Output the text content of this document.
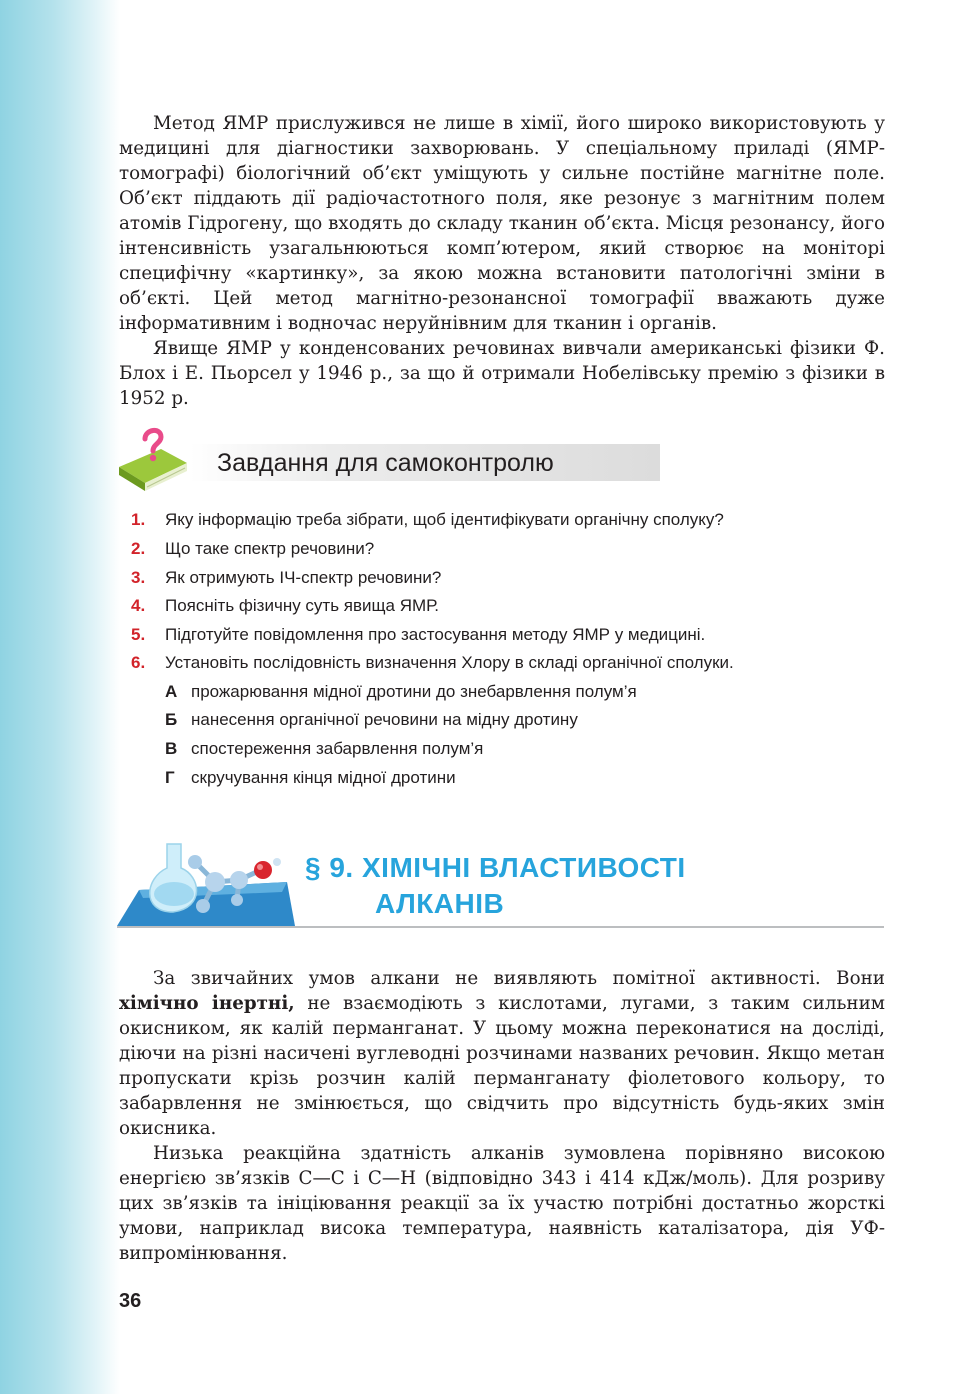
Метод ЯМР прислужився не лише в хімії, його широко використовують у медицині для діагностики захворювань. У спеціальному приладі (ЯМР-томографі) біологічний об’єкт уміщують у сильне постійне магнітне поле. Об’єкт піддають дії радіочастотного поля, яке резонує з магнітним полем атомів Гідрогену, що входять до складу тканин об’єкта. Місця резонансу, його інтенсивність узагальнюються комп’ютером, який створює на моніторі специфічну «картинку», за якою можна встановити патологічні зміни в об’єкті. Цей метод магнітно-резонансної томографії вважають дуже інформативним і водночас неруйнівним для тканин і органів.

Явище ЯМР у конденсованих речовинах вивчали американські фізики Ф. Блох і Е. Пьорсел у 1946 р., за що й отримали Нобелівську премію з фізики в 1952 р.

Завдання для самоконтролю
1. Яку інформацію треба зібрати, щоб ідентифікувати органічну сполуку?
2. Що таке спектр речовини?
3. Як отримують ІЧ-спектр речовини?
4. Поясніть фізичну суть явища ЯМР.
5. Підготуйте повідомлення про застосування методу ЯМР у медицині.
6. Установіть послідовність визначення Хлору в складі органічної сполуки.
А прожарювання мідної дротини до знебарвлення полум’я
Б нанесення органічної речовини на мідну дротину
В спостереження забарвлення полум’я
Г скручування кінця мідної дротини
§ 9. ХІМІЧНІ ВЛАСТИВОСТІ
АЛКАНІВ

За звичайних умов алкани не виявляють помітної активності. Вони хімічно інертні, не взаємодіють з кислотами, лугами, з таким сильним окисником, як калій перманганат. У цьому можна переконатися на досліді, діючи на різні насичені вуглеводні розчинами названих речовин. Якщо метан пропускати крізь розчин калій перманганату фіолетового кольору, то забарвлення не змінюється, що свідчить про відсутність будь-яких змін окисника.

Низька реакційна здатність алканів зумовлена порівняно високою енергією зв’язків С—С і С—Н (відповідно 343 і 414 кДж/моль). Для розриву цих зв’язків та ініціювання реакції за їх участю потрібні достатньо жорсткі умови, наприклад висока температура, наявність каталізатора, дія УФ-випромінювання.

36
